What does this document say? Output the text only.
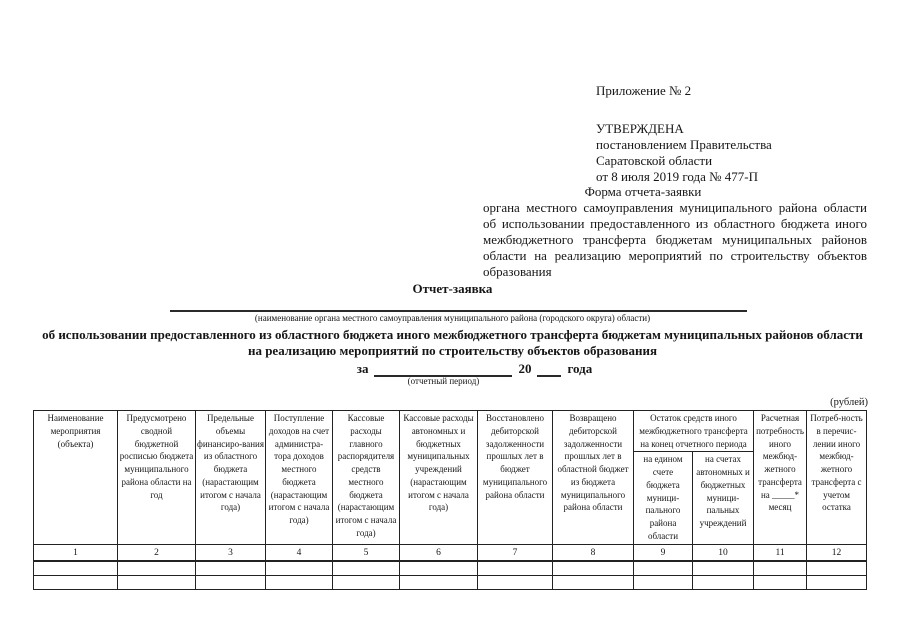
Приложение № 2
УТВЕРЖДЕНА
постановлением Правительства
Саратовской области
от 8 июля 2019 года № 477-П
Форма отчета-заявки
органа местного самоуправления муниципального района области об использовании предоставленного из областного бюджета иного межбюджетного трансферта бюджетам муниципальных районов области на реализацию мероприятий по строительству объектов образования
Отчет-заявка
(наименование органа местного самоуправления муниципального района (городского округа) области)
об использовании предоставленного из областного бюджета иного межбюджетного трансферта бюджетам муниципальных районов области на реализацию мероприятий по строительству объектов образования
за
(отчетный период)
20	года
(рублей)
Наименование мероприятия (объекта)	Предусмотрено сводной бюджетной росписью бюджета муниципального района области на год	Предельные объемы финансиро-вания из областного бюджета (нарастающим итогом с начала года)	Поступление доходов на счет администра-тора доходов местного бюджета (нарастающим итогом с начала года)	Кассовые расходы главного распорядителя средств местного бюджета (нарастающим итогом с начала года)	Кассовые расходы автономных и бюджетных муниципальных учреждений (нарастающим итогом с начала года)	Восстановлено дебиторской задолженности прошлых лет в бюджет муниципального района области	Возвращено дебиторской задолженности прошлых лет в областной бюджет из бюджета муниципального района области	Остаток средств иного межбюджетного трансферта на конец отчетного периода		Расчетная потребность иного межбюд-жетного трансферта на _____* месяц	Потреб-ность в перечис-лении иного межбюд-жетного трансферта с учетом остатка
								на едином счете бюджета муници-пального района области	на счетах автономных и бюджетных муници-пальных учреждений		
1	2	3	4	5	6	7	8	9	10	11	12
